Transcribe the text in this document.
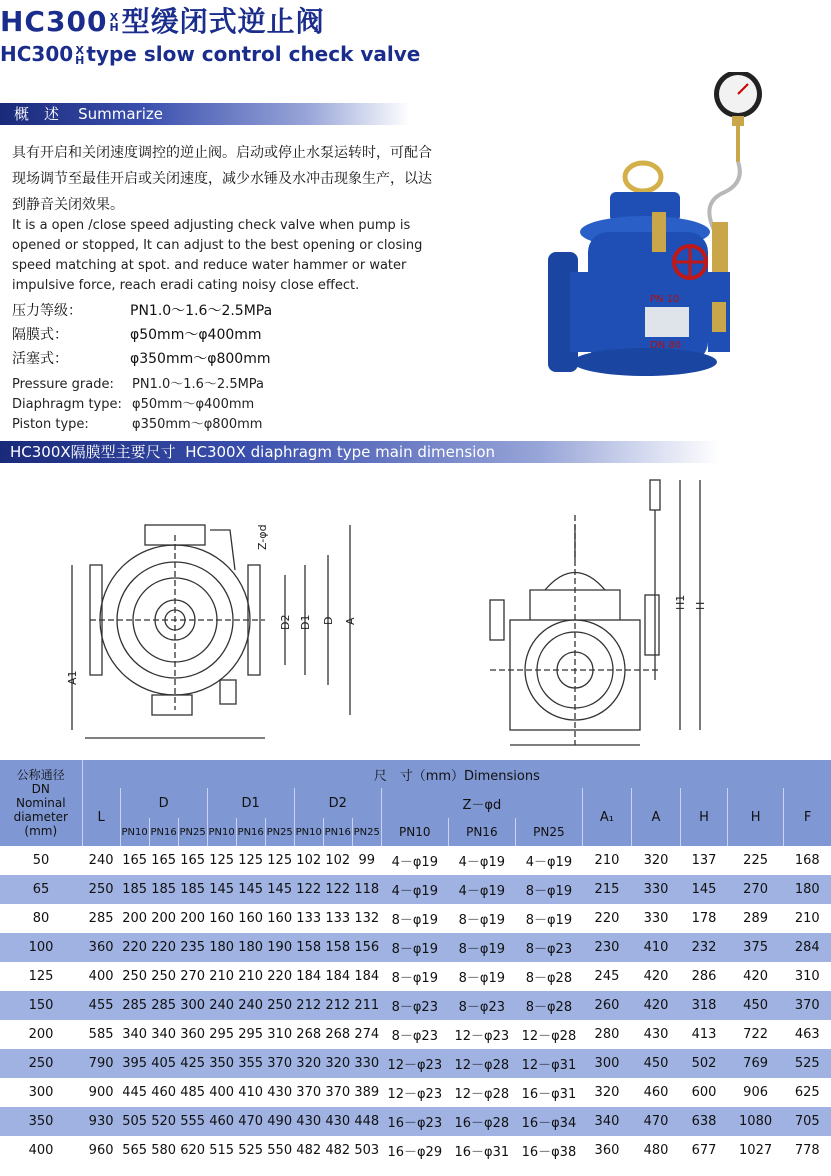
HC300 X
H型缓闭式逆止阀
HC300 X
H type slow control check valve
概　述 Summarize
具有开启和关闭速度调控的逆止阀。启动或停止水泵运转时，可配合现场调节至最佳开启或关闭速度，减少水锤及水冲击现象生产，以达到静音关闭效果。
It is a open /close speed adjusting check valve when pump is opened or stopped, It can adjust to the best opening or closing speed matching at spot. and reduce water hammer or water impulsive force, reach eradi cating noisy close effect.
压力等级：	PN1.0～1.6～2.5MPa
隔膜式：	φ50mm～φ400mm
活塞式：	φ350mm～φ800mm
Pressure grade: PN1.0～1.6～2.5MPa
Diaphragm type: φ50mm～φ400mm
Piston type:	φ350mm～φ800mm
PN 10
DN 80
HC300X隔膜型主要尺寸 HC300X diaphragm type main dimension
Z-φd
D2 D1 D A
A1
H1 H
公称通径
DN
Nominal
diameter
(mm)	尺　寸（mm）Dimensions																	
	L	D			D1			D2			Z－φd			A₁	A	H	H	F
		PN10	PN16	PN25	PN10	PN16	PN25	PN10	PN16	PN25	PN10	PN16	PN25					
50	240	165	165	165	125	125	125	102	102	99	4－φ19	4－φ19	4－φ19	210	320	137	225	168
65	250	185	185	185	145	145	145	122	122	118	4－φ19	4－φ19	8－φ19	215	330	145	270	180
80	285	200	200	200	160	160	160	133	133	132	8－φ19	8－φ19	8－φ19	220	330	178	289	210
100	360	220	220	235	180	180	190	158	158	156	8－φ19	8－φ19	8－φ23	230	410	232	375	284
125	400	250	250	270	210	210	220	184	184	184	8－φ19	8－φ19	8－φ28	245	420	286	420	310
150	455	285	285	300	240	240	250	212	212	211	8－φ23	8－φ23	8－φ28	260	420	318	450	370
200	585	340	340	360	295	295	310	268	268	274	8－φ23	12－φ23	12－φ28	280	430	413	722	463
250	790	395	405	425	350	355	370	320	320	330	12－φ23	12－φ28	12－φ31	300	450	502	769	525
300	900	445	460	485	400	410	430	370	370	389	12－φ23	12－φ28	16－φ31	320	460	600	906	625
350	930	505	520	555	460	470	490	430	430	448	16－φ23	16－φ28	16－φ34	340	470	638	1080	705
400	960	565	580	620	515	525	550	482	482	503	16－φ29	16－φ31	16－φ38	360	480	677	1027	778
